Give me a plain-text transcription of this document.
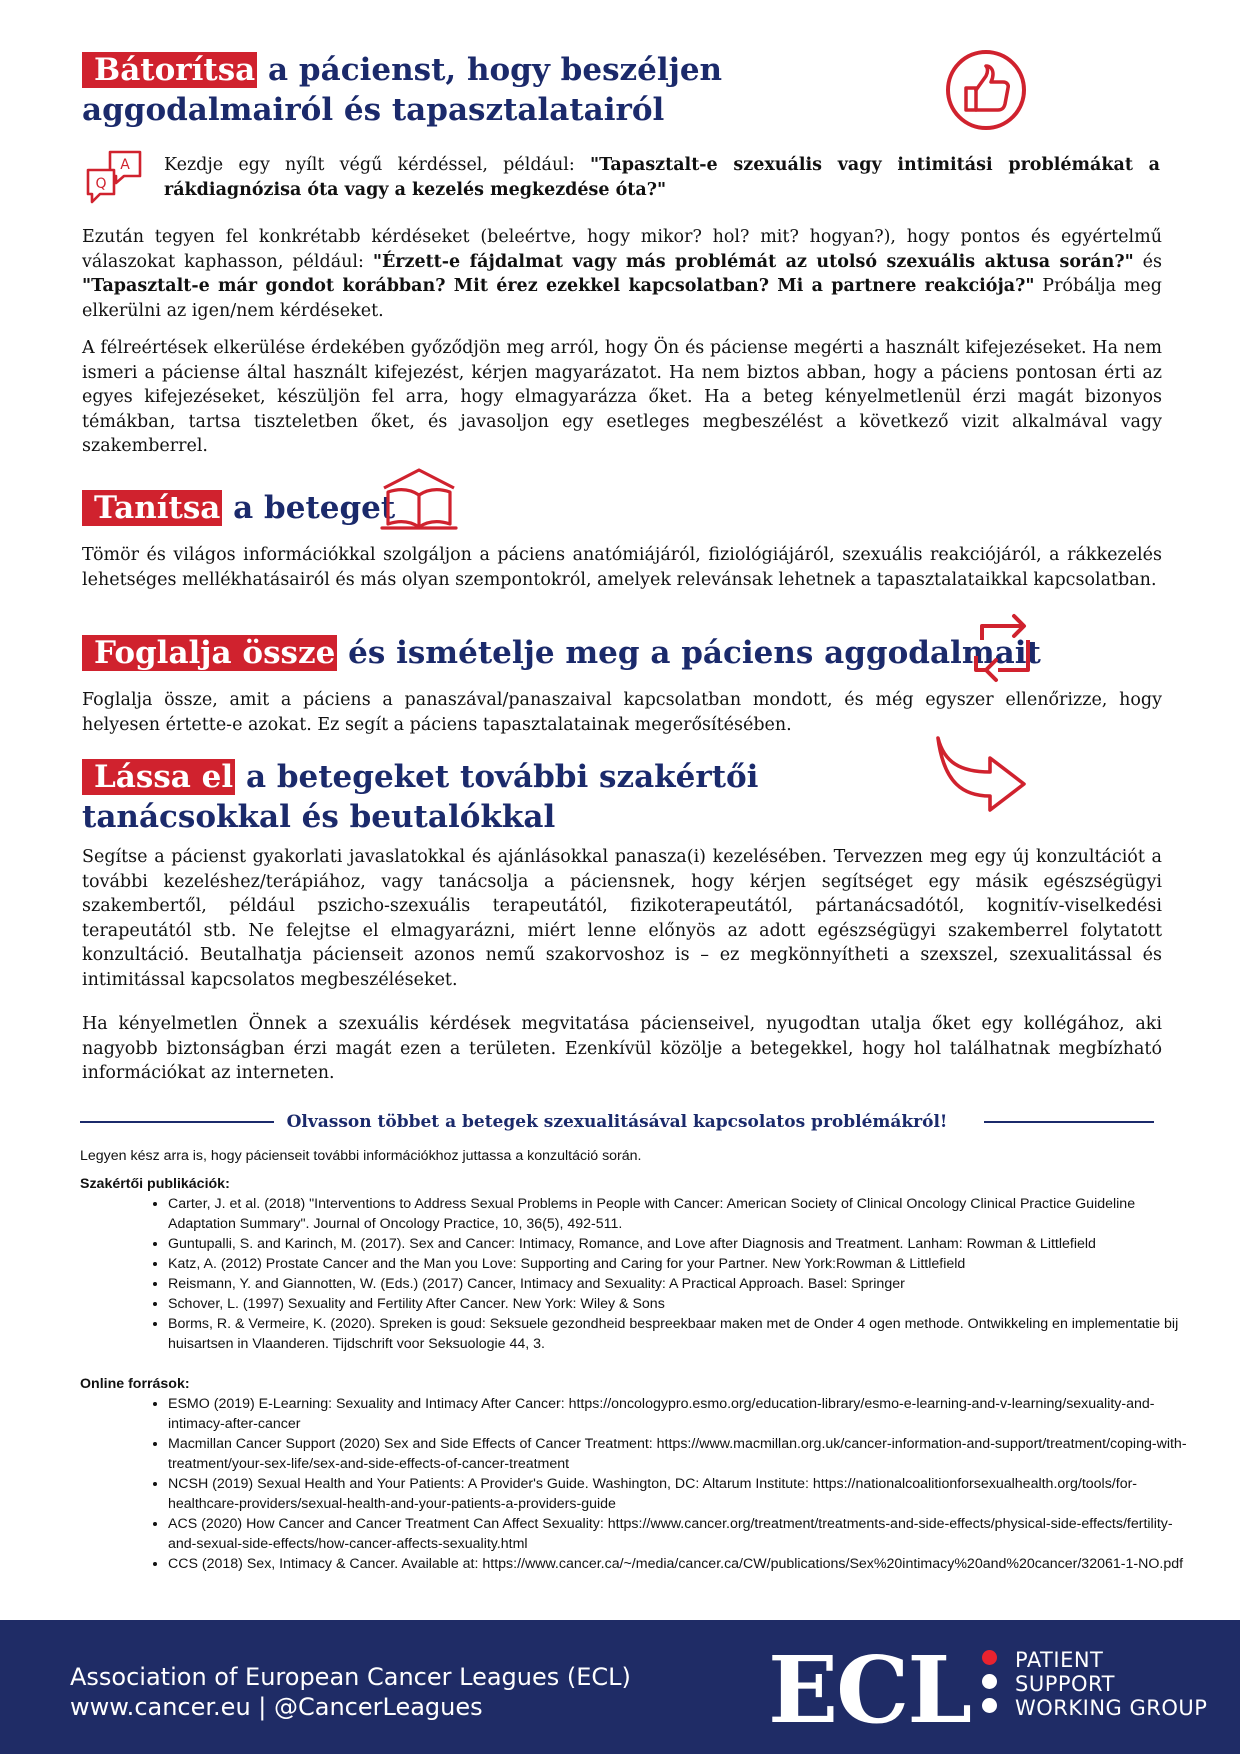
Bátorítsa a pácienst, hogy beszéljen aggodalmairól és tapasztalatairól
A
Q

Kezdje egy nyílt végű kérdéssel, például: "Tapasztalt-e szexuális vagy intimitási problémákat a rákdiagnózisa óta vagy a kezelés megkezdése óta?"

Ezután tegyen fel konkrétabb kérdéseket (beleértve, hogy mikor? hol? mit? hogyan?), hogy pontos és egyértelmű válaszokat kaphasson, például: "Érzett-e fájdalmat vagy más problémát az utolsó szexuális aktusa során?" és "Tapasztalt-e már gondot korábban? Mit érez ezekkel kapcsolatban? Mi a partnere reakciója?" Próbálja meg elkerülni az igen/nem kérdéseket.

A félreértések elkerülése érdekében győződjön meg arról, hogy Ön és páciense megérti a használt kifejezéseket. Ha nem ismeri a páciense által használt kifejezést, kérjen magyarázatot. Ha nem biztos abban, hogy a páciens pontosan érti az egyes kifejezéseket, készüljön fel arra, hogy elmagyarázza őket. Ha a beteg kényelmetlenül érzi magát bizonyos témákban, tartsa tiszteletben őket, és javasoljon egy esetleges megbeszélést a következő vizit alkalmával vagy szakemberrel.

Tanítsa a beteget

Tömör és világos információkkal szolgáljon a páciens anatómiájáról, fiziológiájáról, szexuális reakciójáról, a rákkezelés lehetséges mellékhatásairól és más olyan szempontokról, amelyek relevánsak lehetnek a tapasztalataikkal kapcsolatban.

Foglalja össze és ismételje meg a páciens aggodalmait

Foglalja össze, amit a páciens a panaszával/panaszaival kapcsolatban mondott, és még egyszer ellenőrizze, hogy helyesen értette-e azokat. Ez segít a páciens tapasztalatainak megerősítésében.

Lássa el a betegeket további szakértői tanácsokkal és beutalókkal

Segítse a pácienst gyakorlati javaslatokkal és ajánlásokkal panasza(i) kezelésében. Tervezzen meg egy új konzultációt a további kezeléshez/terápiához, vagy tanácsolja a páciensnek, hogy kérjen segítséget egy másik egészségügyi szakembertől, például pszicho-szexuális terapeutától, fizikoterapeutától, pártanácsadótól, kognitív-viselkedési terapeutától stb. Ne felejtse el elmagyarázni, miért lenne előnyös az adott egészségügyi szakemberrel folytatott konzultáció. Beutalhatja pácienseit azonos nemű szakorvoshoz is – ez megkönnyítheti a szexszel, szexualitással és intimitással kapcsolatos megbeszéléseket.

Ha kényelmetlen Önnek a szexuális kérdések megvitatása pácienseivel, nyugodtan utalja őket egy kollégához, aki nagyobb biztonságban érzi magát ezen a területen. Ezenkívül közölje a betegekkel, hogy hol találhatnak megbízható információkat az interneten.

Olvasson többet a betegek szexualitásával kapcsolatos problémákról!

Legyen kész arra is, hogy pácienseit további információkhoz juttassa a konzultáció során.

Szakértői publikációk:

• Carter, J. et al. (2018) "Interventions to Address Sexual Problems in People with Cancer: American Society of Clinical Oncology Clinical Practice Guideline Adaptation Summary". Journal of Oncology Practice, 10, 36(5), 492-511.
• Guntupalli, S. and Karinch, M. (2017). Sex and Cancer: Intimacy, Romance, and Love after Diagnosis and Treatment. Lanham: Rowman & Littlefield
• Katz, A. (2012) Prostate Cancer and the Man you Love: Supporting and Caring for your Partner. New York:Rowman & Littlefield
• Reismann, Y. and Giannotten, W. (Eds.) (2017) Cancer, Intimacy and Sexuality: A Practical Approach. Basel: Springer
• Schover, L. (1997) Sexuality and Fertility After Cancer. New York: Wiley & Sons
• Borms, R. & Vermeire, K. (2020). Spreken is goud: Seksuele gezondheid bespreekbaar maken met de Onder 4 ogen methode. Ontwikkeling en implementatie bij huisartsen in Vlaanderen. Tijdschrift voor Seksuologie 44, 3.

Online források:

• ESMO (2019) E-Learning: Sexuality and Intimacy After Cancer: https://oncologypro.esmo.org/education-library/esmo-e-learning-and-v-learning/sexuality-and-intimacy-after-cancer
• Macmillan Cancer Support (2020) Sex and Side Effects of Cancer Treatment: https://www.macmillan.org.uk/cancer-information-and-support/treatment/coping-with-treatment/your-sex-life/sex-and-side-effects-of-cancer-treatment
• NCSH (2019) Sexual Health and Your Patients: A Provider's Guide. Washington, DC: Altarum Institute: https://nationalcoalitionforsexualhealth.org/tools/for-healthcare-providers/sexual-health-and-your-patients-a-providers-guide
• ACS (2020) How Cancer and Cancer Treatment Can Affect Sexuality: https://www.cancer.org/treatment/treatments-and-side-effects/physical-side-effects/fertility-and-sexual-side-effects/how-cancer-affects-sexuality.html
• CCS (2018) Sex, Intimacy & Cancer. Available at: https://www.cancer.ca/~/media/cancer.ca/CW/publications/Sex%20intimacy%20and%20cancer/32061-1-NO.pdf
Association of European Cancer Leagues (ECL)
www.cancer.eu | @CancerLeagues	ECL PATIENT
SUPPORT
WORKING GROUP
